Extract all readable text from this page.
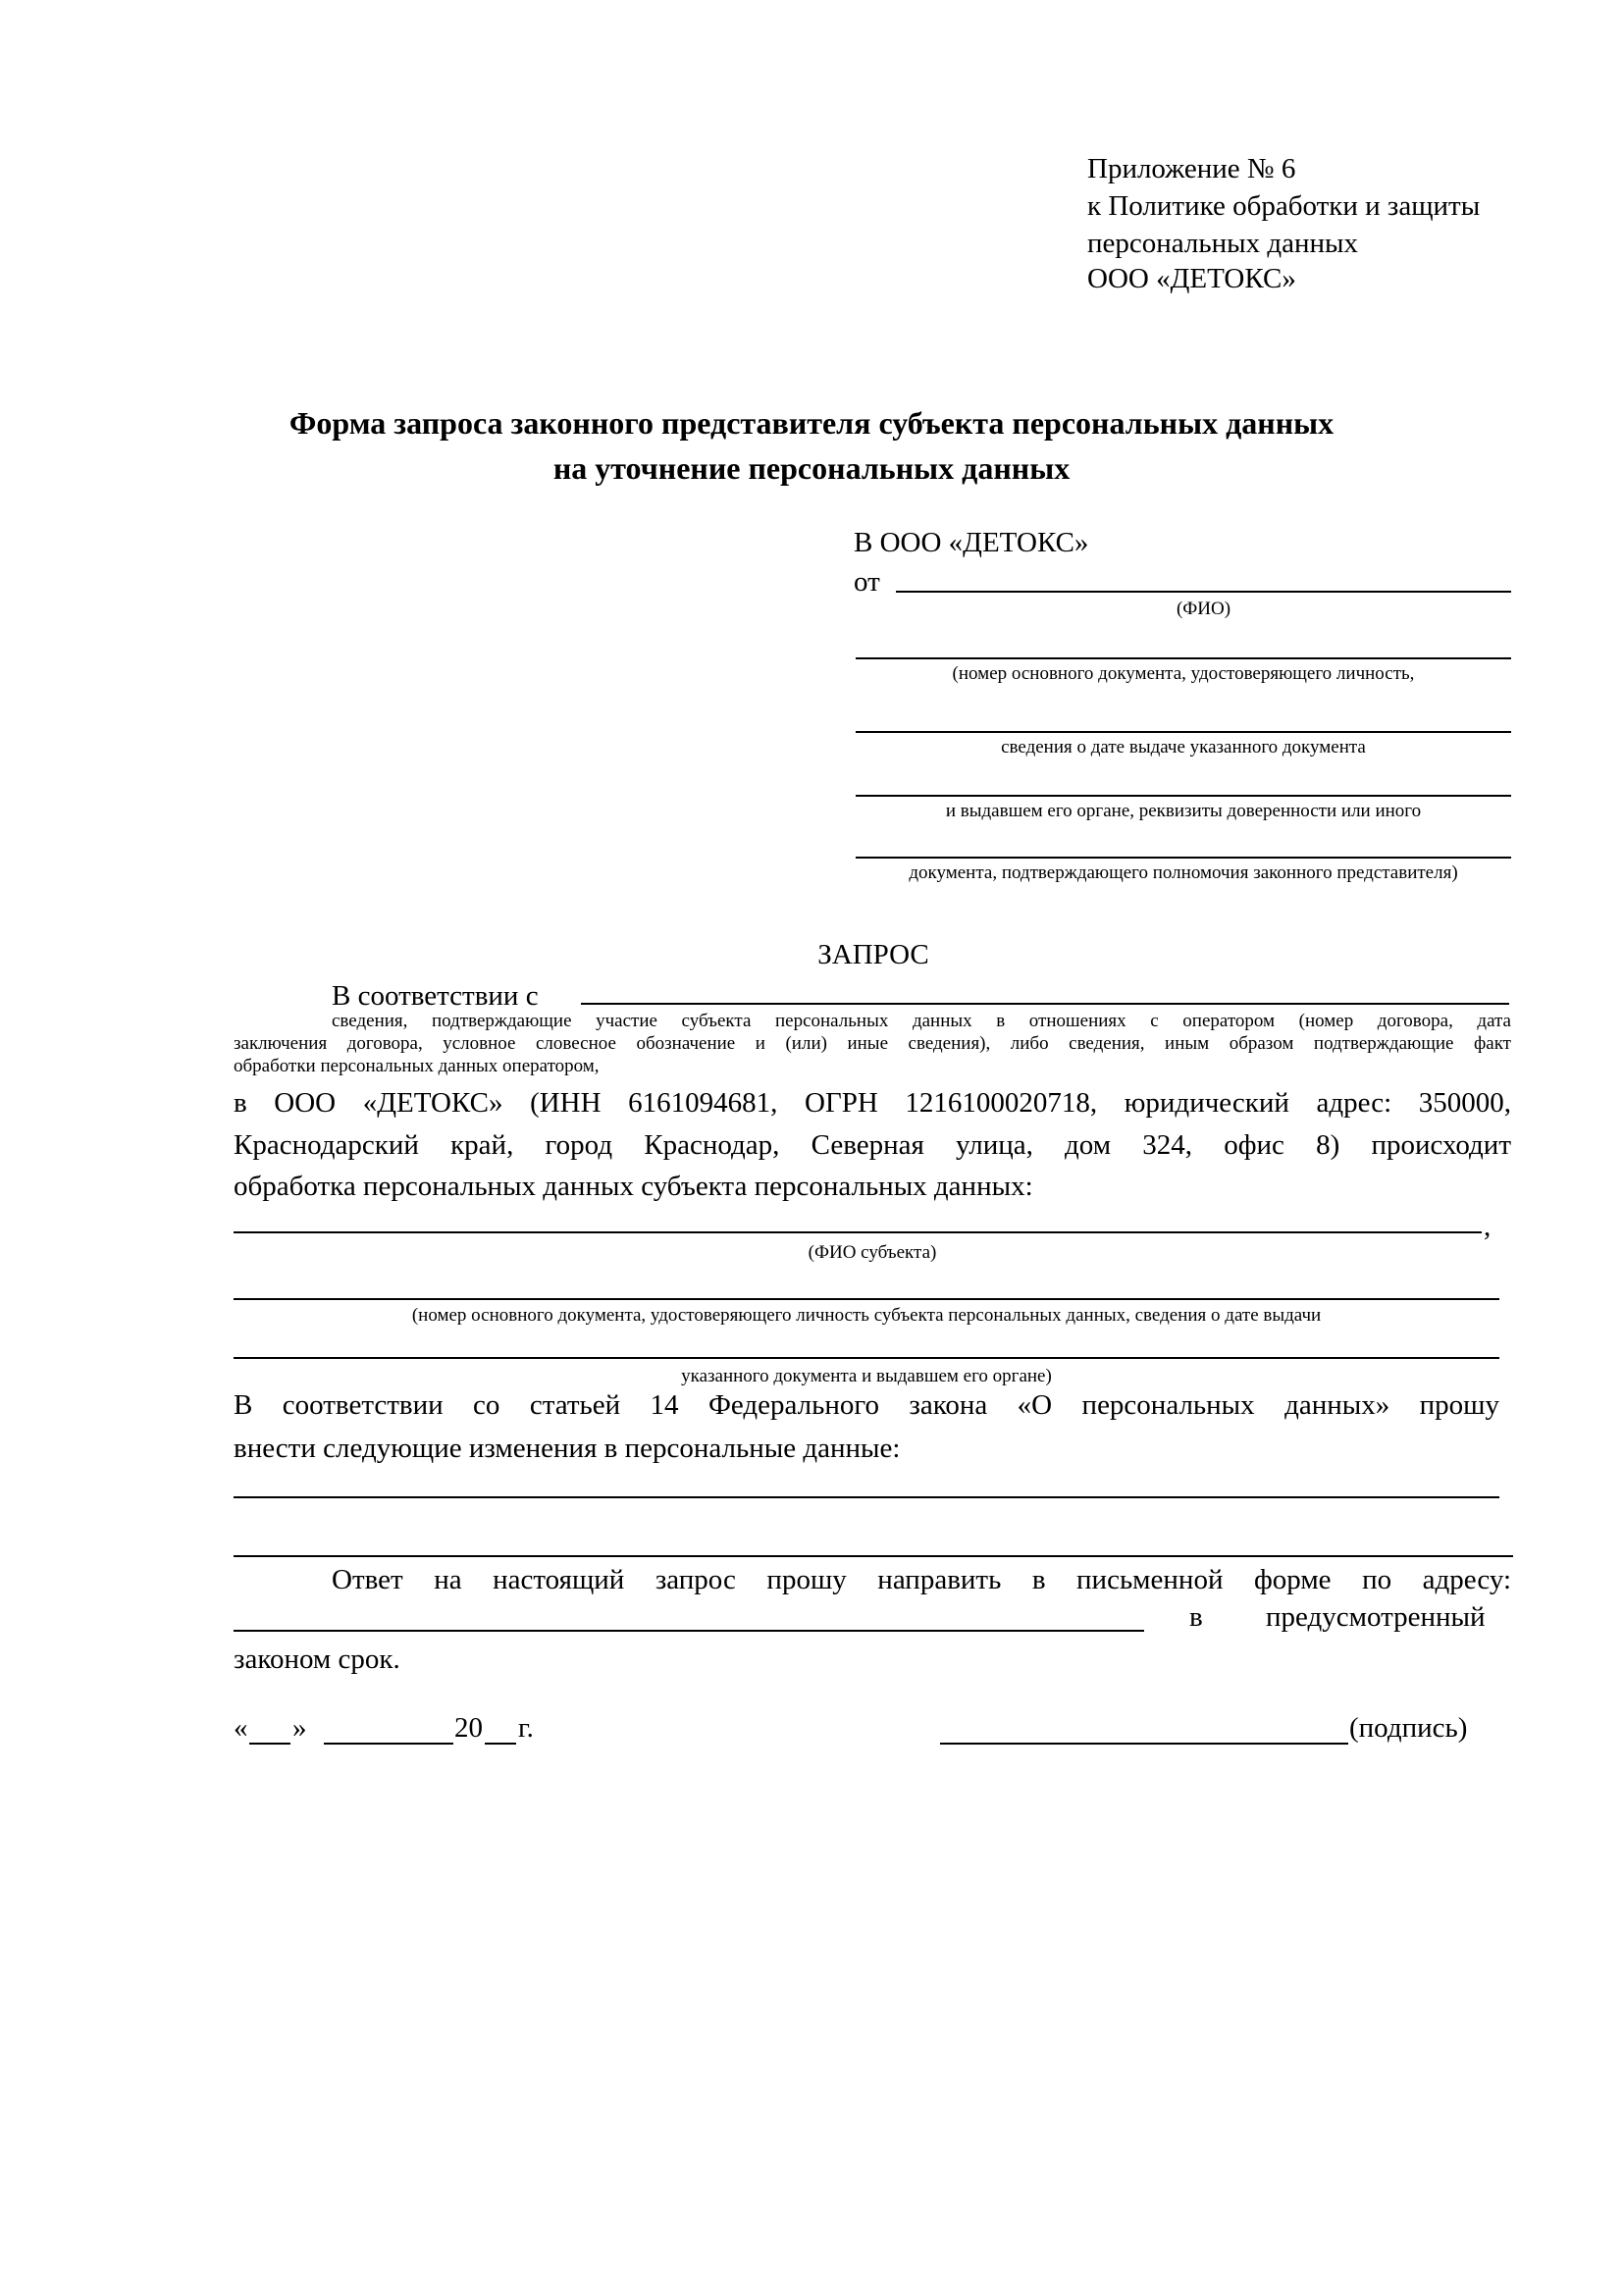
Приложение № 6
к Политике обработки и защиты
персональных данных
ООО «ДЕТОКС»
Форма запроса законного представителя субъекта персональных данных
на уточнение персональных данных
В ООО «ДЕТОКС»
от
(ФИО)
(номер основного документа, удостоверяющего личность,
сведения о дате выдаче указанного документа
и выдавшем его органе, реквизиты доверенности или иного
документа, подтверждающего полномочия законного представителя)
ЗАПРОС
В соответствии с
сведения, подтверждающие участие субъекта персональных данных в отношениях с оператором (номер договора, дата
заключения договора, условное словесное обозначение и (или) иные сведения), либо сведения, иным образом подтверждающие факт
обработки персональных данных оператором,
в ООО «ДЕТОКС» (ИНН 6161094681, ОГРН 1216100020718, юридический адрес: 350000,
Краснодарский край, город Краснодар, Северная улица, дом 324, офис 8) происходит
обработка персональных данных субъекта персональных данных:
,
(ФИО субъекта)
(номер основного документа, удостоверяющего личность субъекта персональных данных, сведения о дате выдачи
указанного документа и выдавшем его органе)
В соответствии со статьей 14 Федерального закона «О персональных данных» прошу
внести следующие изменения в персональные данные:
Ответ на настоящий запрос прошу направить в письменной форме по адресу:
в предусмотренный
законом срок.
« »	20 г.	(подпись)
